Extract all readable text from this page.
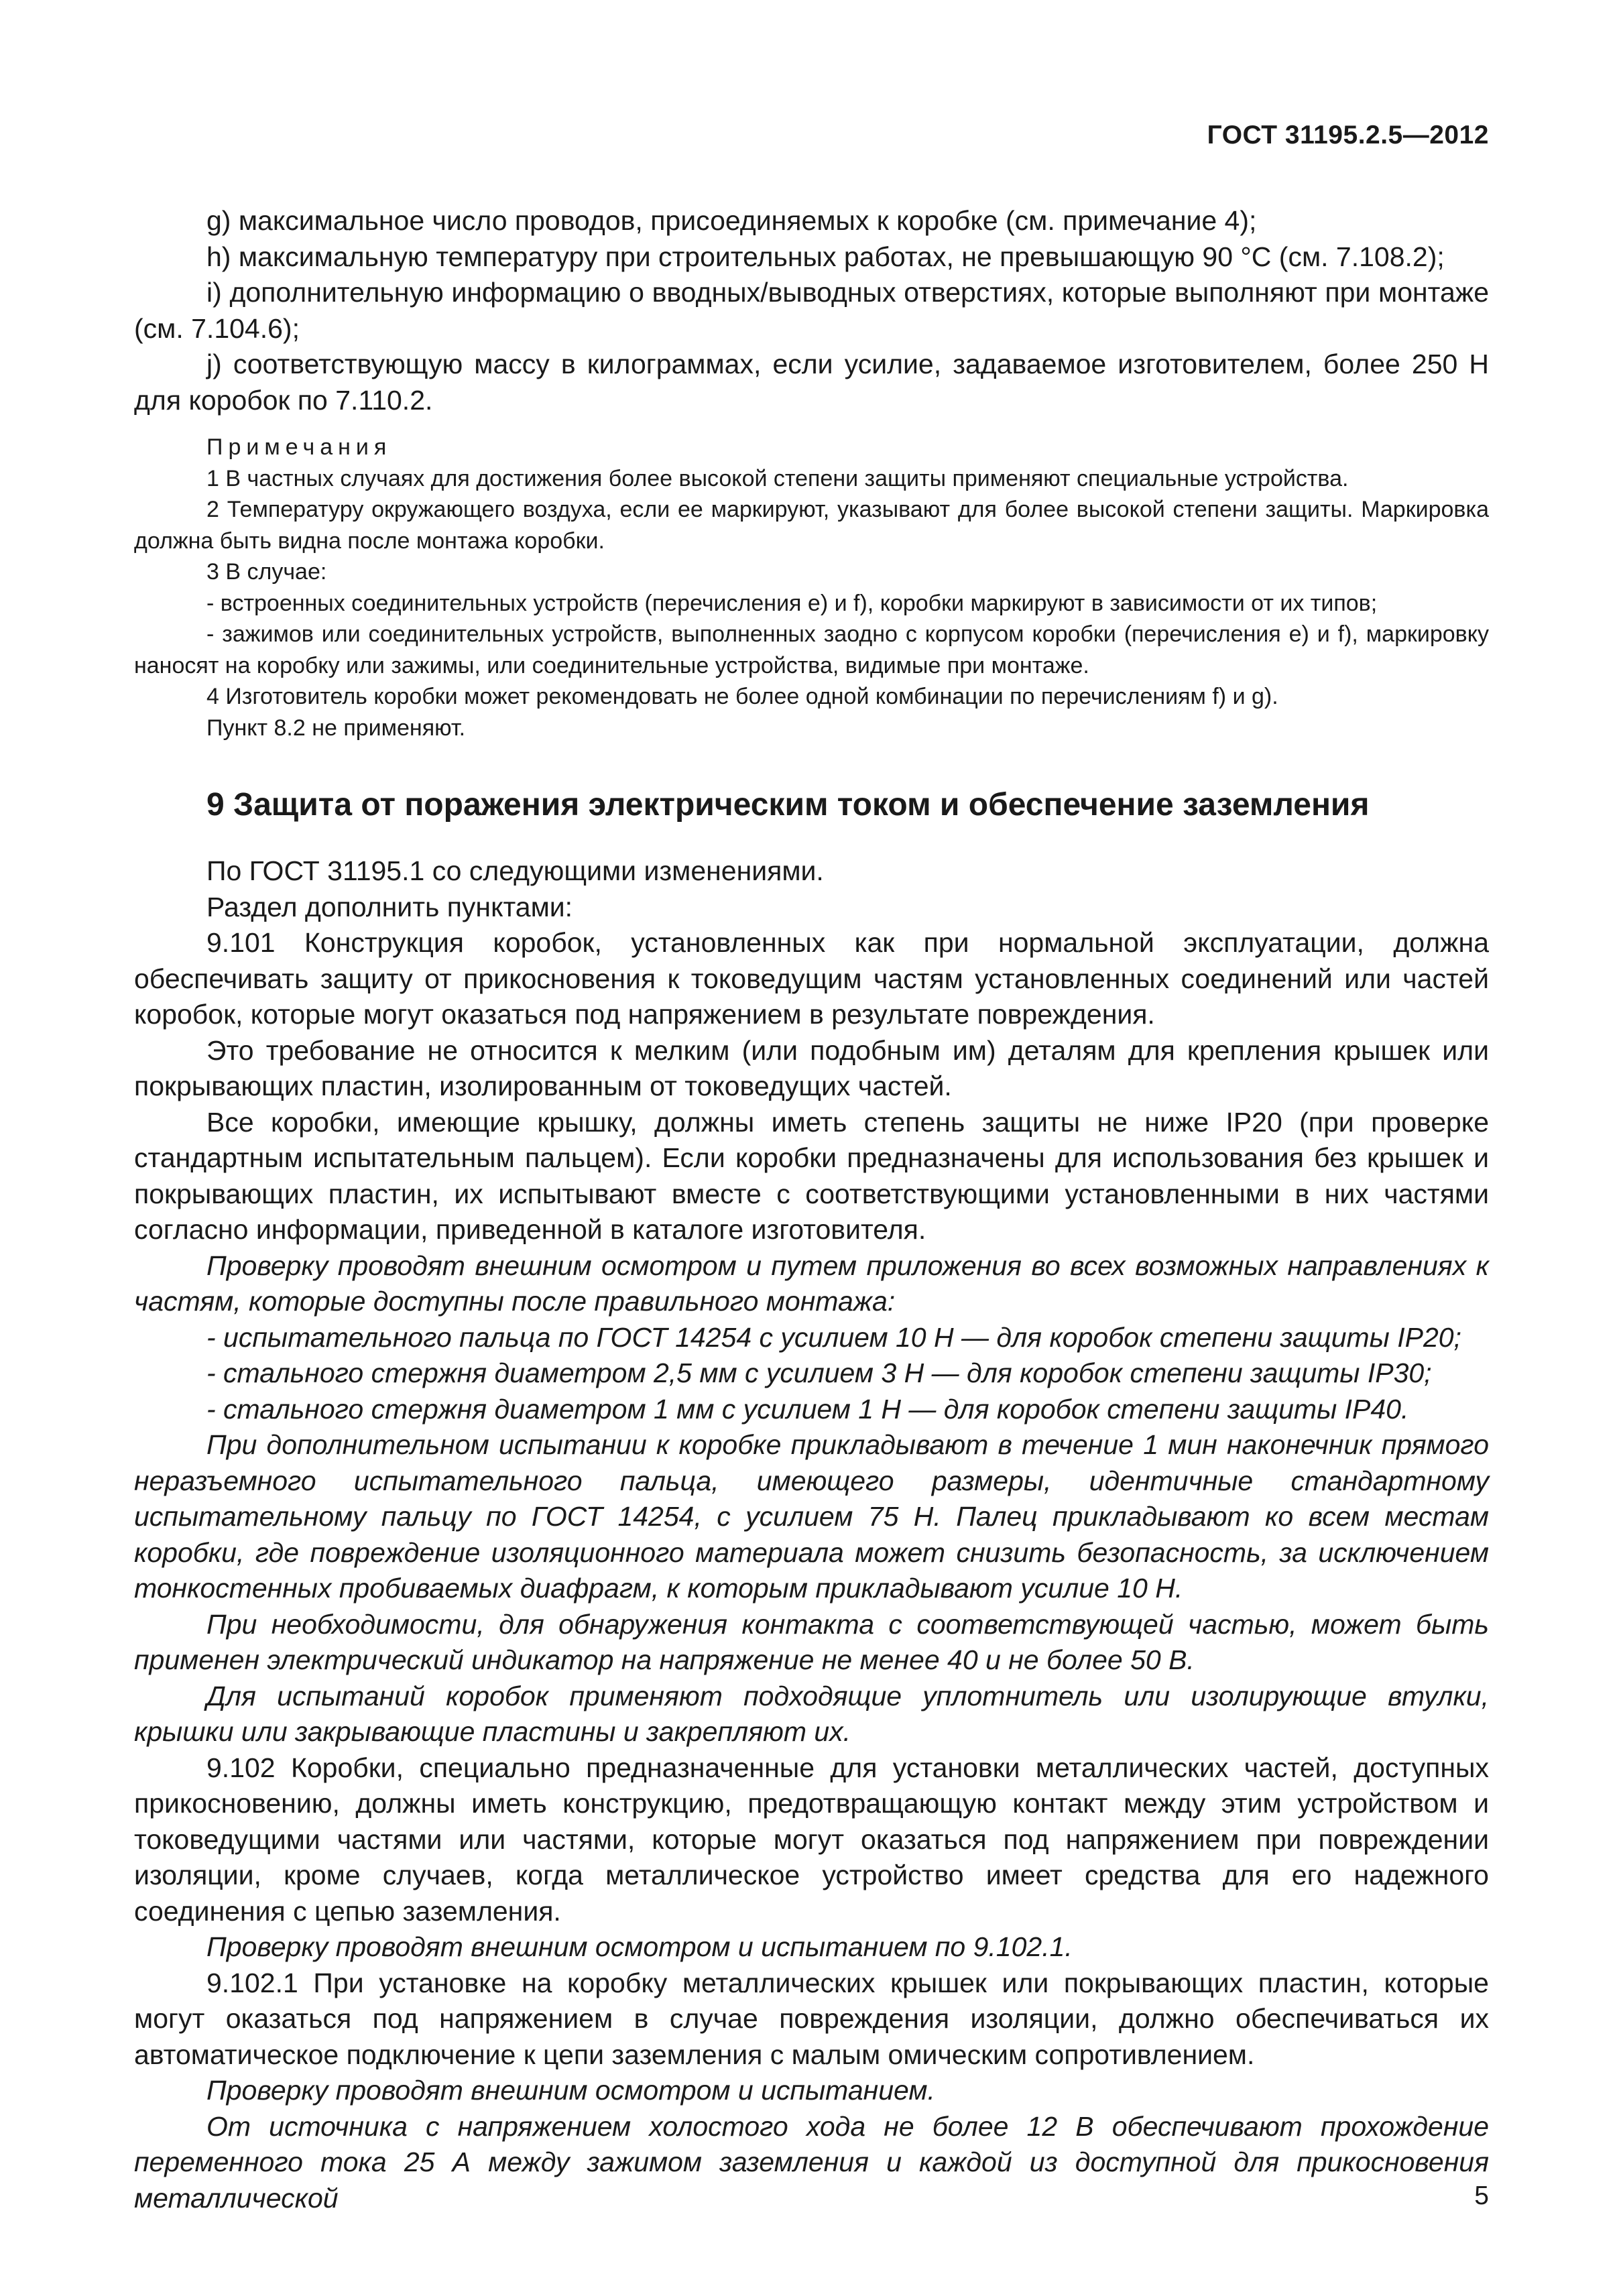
ГОСТ 31195.2.5—2012

g) максимальное число проводов, присоединяемых к коробке (см. примечание 4);

h) максимальную температуру при строительных работах, не превышающую 90 °C (см. 7.108.2);

i) дополнительную информацию о вводных/выводных отверстиях, которые выполняют при монтаже (см. 7.104.6);

j) соответствующую массу в килограммах, если усилие, задаваемое изготовителем, более 250 Н для коробок по 7.110.2.

Примечания

1 В частных случаях для достижения более высокой степени защиты применяют специальные устройства.

2 Температуру окружающего воздуха, если ее маркируют, указывают для более высокой степени защиты. Маркировка должна быть видна после монтажа коробки.

3 В случае:

- встроенных соединительных устройств (перечисления е) и f), коробки маркируют в зависимости от их типов;

- зажимов или соединительных устройств, выполненных заодно с корпусом коробки (перечисления е) и f), маркировку наносят на коробку или зажимы, или соединительные устройства, видимые при монтаже.

4 Изготовитель коробки может рекомендовать не более одной комбинации по перечислениям f) и g).

Пункт 8.2 не применяют.

9 Защита от поражения электрическим током и обеспечение заземления

По ГОСТ 31195.1 со следующими изменениями.

Раздел дополнить пунктами:

9.101 Конструкция коробок, установленных как при нормальной эксплуатации, должна обеспечивать защиту от прикосновения к токоведущим частям установленных соединений или частей коробок, которые могут оказаться под напряжением в результате повреждения.

Это требование не относится к мелким (или подобным им) деталям для крепления крышек или покрывающих пластин, изолированным от токоведущих частей.

Все коробки, имеющие крышку, должны иметь степень защиты не ниже IP20 (при проверке стандартным испытательным пальцем). Если коробки предназначены для использования без крышек и покрывающих пластин, их испытывают вместе с соответствующими установленными в них частями согласно информации, приведенной в каталоге изготовителя.

Проверку проводят внешним осмотром и путем приложения во всех возможных направлениях к частям, которые доступны после правильного монтажа:

- испытательного пальца по ГОСТ 14254 с усилием 10 Н — для коробок степени защиты IP20;

- стального стержня диаметром 2,5 мм с усилием 3 Н — для коробок степени защиты IP30;

- стального стержня диаметром 1 мм с усилием 1 Н — для коробок степени защиты IP40.

При дополнительном испытании к коробке прикладывают в течение 1 мин наконечник прямого неразъемного испытательного пальца, имеющего размеры, идентичные стандартному испытательному пальцу по ГОСТ 14254, с усилием 75 Н. Палец прикладывают ко всем местам коробки, где повреждение изоляционного материала может снизить безопасность, за исключением тонкостенных пробиваемых диафрагм, к которым прикладывают усилие 10 Н.

При необходимости, для обнаружения контакта с соответствующей частью, может быть применен электрический индикатор на напряжение не менее 40 и не более 50 В.

Для испытаний коробок применяют подходящие уплотнитель или изолирующие втулки, крышки или закрывающие пластины и закрепляют их.

9.102 Коробки, специально предназначенные для установки металлических частей, доступных прикосновению, должны иметь конструкцию, предотвращающую контакт между этим устройством и токоведущими частями или частями, которые могут оказаться под напряжением при повреждении изоляции, кроме случаев, когда металлическое устройство имеет средства для его надежного соединения с цепью заземления.

Проверку проводят внешним осмотром и испытанием по 9.102.1.

9.102.1 При установке на коробку металлических крышек или покрывающих пластин, которые могут оказаться под напряжением в случае повреждения изоляции, должно обеспечиваться их автоматическое подключение к цепи заземления с малым омическим сопротивлением.

Проверку проводят внешним осмотром и испытанием.

От источника с напряжением холостого хода не более 12 В обеспечивают прохождение переменного тока 25 А между зажимом заземления и каждой из доступной для прикосновения металлической	5
